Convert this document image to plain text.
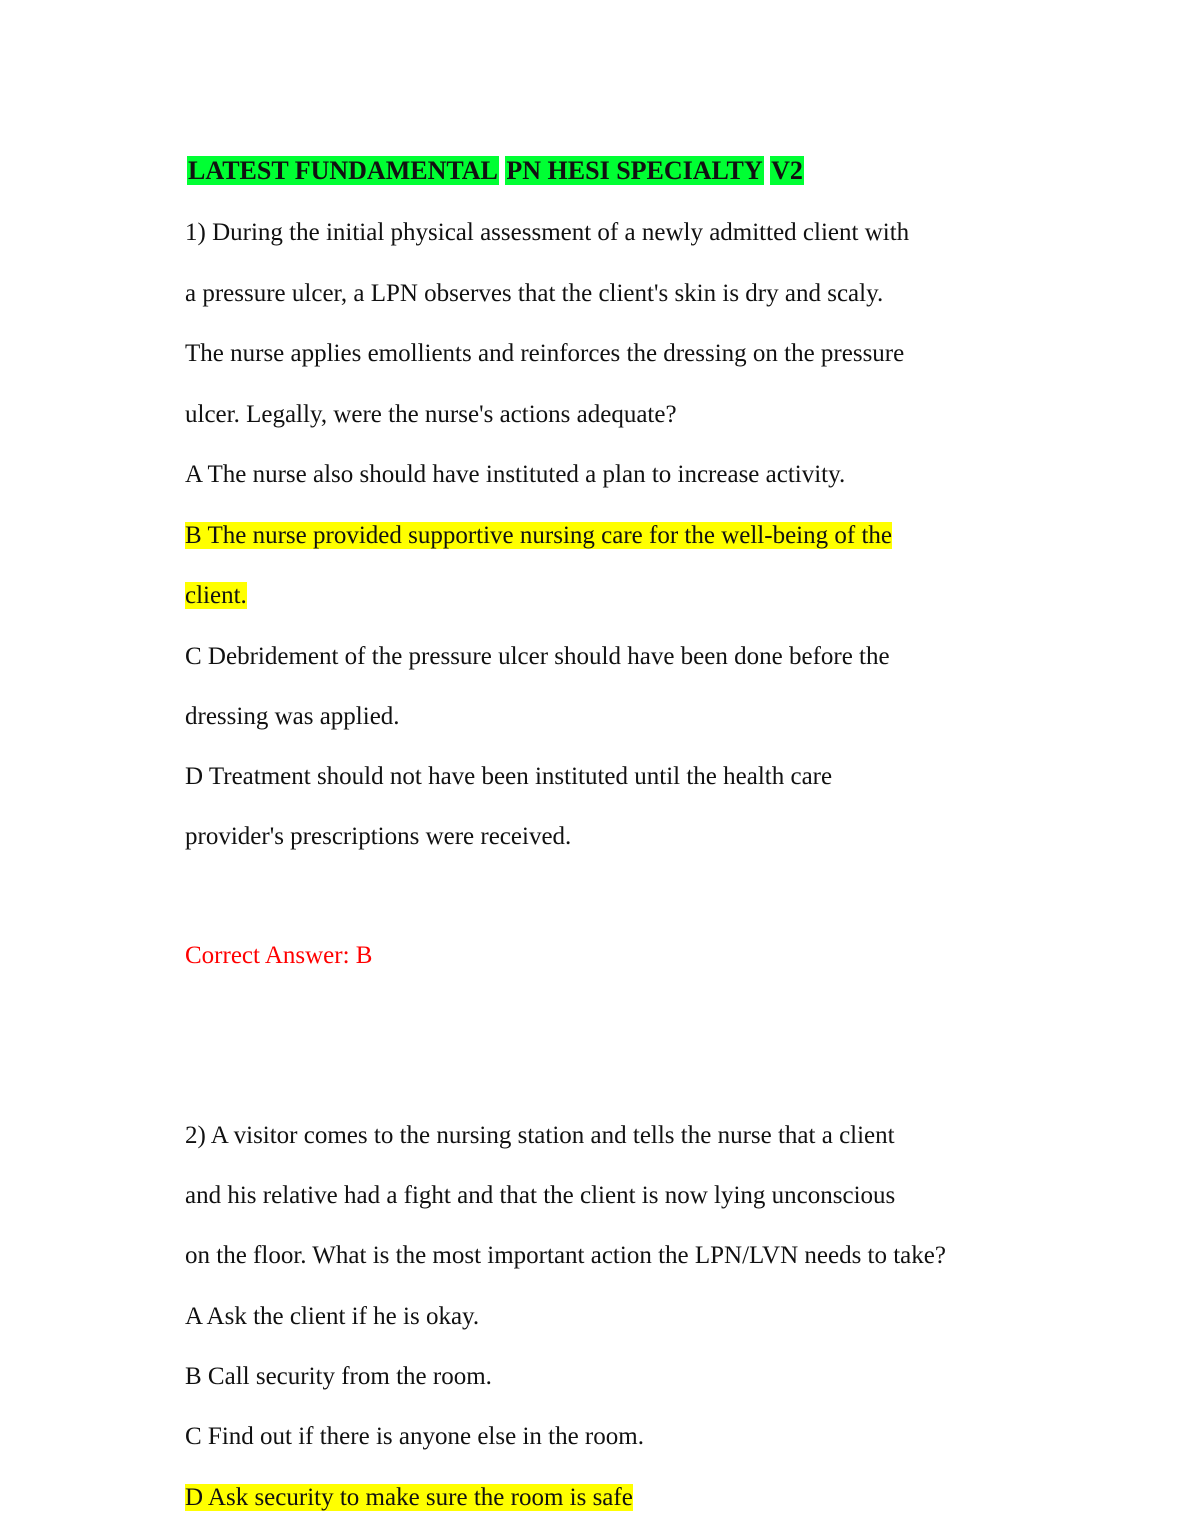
LATEST FUNDAMENTAL PN HESI SPECIALTY V2
1) During the initial physical assessment of a newly admitted client with
a pressure ulcer, a LPN observes that the client's skin is dry and scaly.
The nurse applies emollients and reinforces the dressing on the pressure
ulcer. Legally, were the nurse's actions adequate?
A The nurse also should have instituted a plan to increase activity.
B The nurse provided supportive nursing care for the well-being of the
client.
C Debridement of the pressure ulcer should have been done before the
dressing was applied.
D Treatment should not have been instituted until the health care
provider's prescriptions were received.
Correct Answer: B
2) A visitor comes to the nursing station and tells the nurse that a client
and his relative had a fight and that the client is now lying unconscious
on the floor. What is the most important action the LPN/LVN needs to take?
A Ask the client if he is okay.
B Call security from the room.
C Find out if there is anyone else in the room.
D Ask security to make sure the room is safe
